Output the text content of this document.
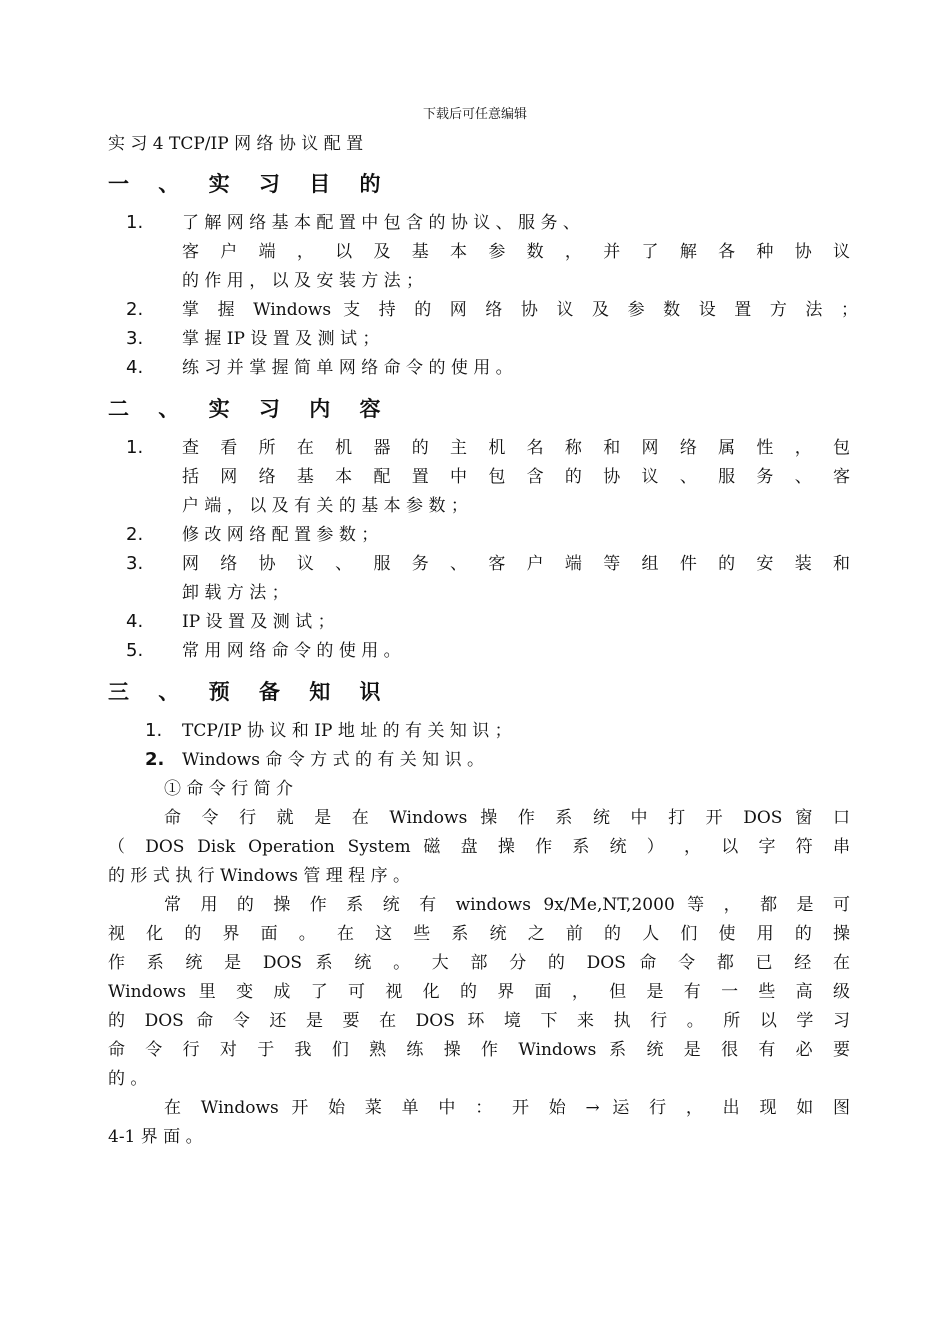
下载后可任意编辑
实 习 4 TCP/IP 网 络 协 议 配 置
一 、 实 习 目 的
1. 了 解 网 络 基 本 配 置 中 包 含 的 协 议 、 服 务 、
客 户 端 ， 以 及 基 本 参 数 ， 并 了 解 各 种 协 议
的 作 用 ， 以 及 安 装 方 法 ；
2. 掌 握 Windows 支 持 的 网 络 协 议 及 参 数 设 置 方 法 ；
3. 掌 握 IP 设 置 及 测 试 ；
4. 练 习 并 掌 握 简 单 网 络 命 令 的 使 用 。
二 、 实 习 内 容
1. 查 看 所 在 机 器 的 主 机 名 称 和 网 络 属 性 ， 包
括 网 络 基 本 配 置 中 包 含 的 协 议 、 服 务 、 客
户 端 ， 以 及 有 关 的 基 本 参 数 ；
2. 修 改 网 络 配 置 参 数 ；
3. 网 络 协 议 、 服 务 、 客 户 端 等 组 件 的 安 装 和
卸 载 方 法 ；
4. IP 设 置 及 测 试 ；
5. 常 用 网 络 命 令 的 使 用 。
三 、 预 备 知 识
1. TCP/IP 协 议 和 IP 地 址 的 有 关 知 识 ；
2. Windows 命 令 方 式 的 有 关 知 识 。
① 命 令 行 简 介
命 令 行 就 是 在 Windows 操 作 系 统 中 打 开 DOS 窗 口
（ DOS Disk Operation System 磁 盘 操 作 系 统 ） ， 以 字 符 串
的 形 式 执 行 Windows 管 理 程 序 。
常 用 的 操 作 系 统 有 windows 9x/Me,NT,2000 等 ， 都 是 可
视 化 的 界 面 。 在 这 些 系 统 之 前 的 人 们 使 用 的 操
作 系 统 是 DOS 系 统 。 大 部 分 的 DOS 命 令 都 已 经 在
Windows 里 变 成 了 可 视 化 的 界 面 ， 但 是 有 一 些 高 级
的 DOS 命 令 还 是 要 在 DOS 环 境 下 来 执 行 。 所 以 学 习
命 令 行 对 于 我 们 熟 练 操 作 Windows 系 统 是 很 有 必 要
的 。
在 Windows 开 始 菜 单 中 ： 开 始 → 运 行 ， 出 现 如 图
4-1 界 面 。
